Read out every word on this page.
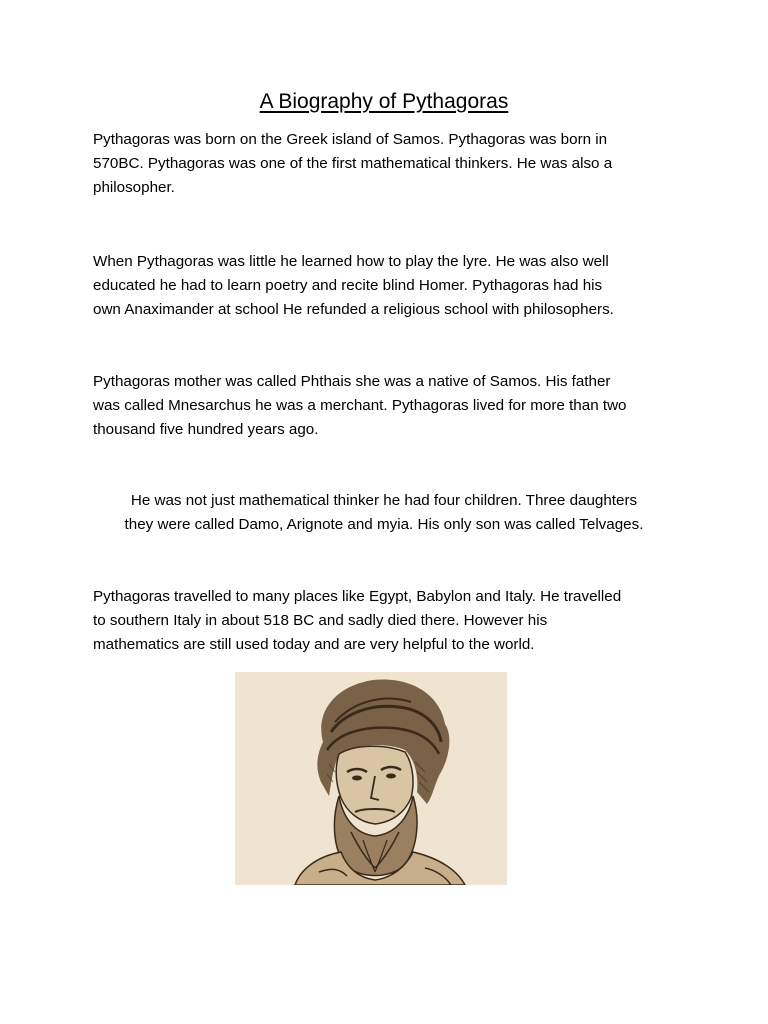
A Biography of Pythagoras

Pythagoras was born on the Greek island of Samos. Pythagoras was born in
570BC. Pythagoras was one of the first mathematical thinkers. He was also a
philosopher.

When Pythagoras was little he learned how to play the lyre. He was also well
educated he had to learn poetry and recite blind Homer. Pythagoras had his
own Anaximander at school He refunded a religious school with philosophers.

Pythagoras mother was called Phthais she was a native of Samos. His father
was called Mnesarchus he was a merchant. Pythagoras lived for more than two
thousand five hundred years ago.

He was not just mathematical thinker he had four children. Three daughters
they were called Damo, Arignote and myia. His only son was called Telvages.

Pythagoras travelled to many places like Egypt, Babylon and Italy. He travelled
to southern Italy in about 518 BC and sadly died there. However his
mathematics are still used today and are very helpful to the world.
